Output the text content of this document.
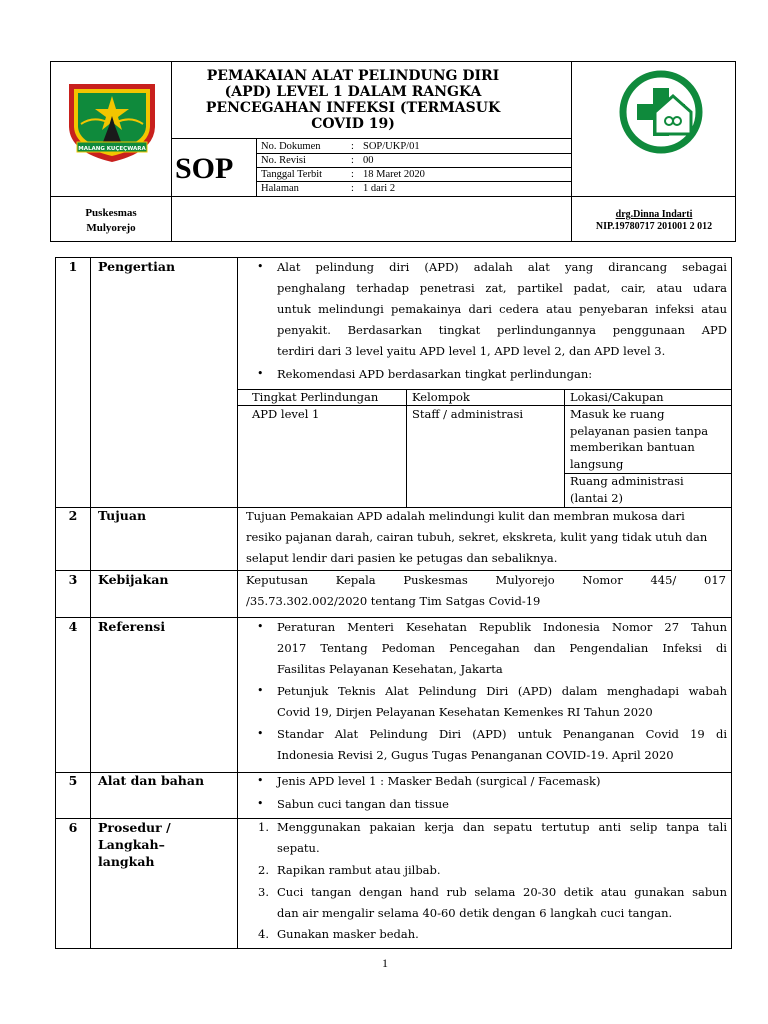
MALANG KUÇEÇWARA
PEMAKAIAN ALAT PELINDUNG DIRI
(APD) LEVEL 1 DALAM RANGKA
PENCEGAHAN INFEKSI (TERMASUK
COVID 19)
SOP
No. Dokumen	: SOP/UKP/01
No. Revisi	: 00
Tanggal Terbit	: 18 Maret 2020
Halaman	: 1 dari 2
Puskesmas
Mulyorejo
drg.Dinna Indarti
NIP.19780717 201001 2 012
1	Pengertian	• Alat pelindung diri (APD) adalah alat yang dirancang sebagai
penghalang terhadap penetrasi zat, partikel padat, cair, atau udara
untuk melindungi pemakainya dari cedera atau penyebaran infeksi atau
penyakit. Berdasarkan tingkat perlindungannya penggunaan APD
terdiri dari 3 level yaitu APD level 1, APD level 2, dan APD level 3.
• Rekomendasi APD berdasarkan tingkat perlindungan:
Tingkat Perlindungan	Kelompok	Lokasi/Cakupan
APD level 1	Staff / administrasi	Masuk ke ruang
pelayanan pasien tanpa
memberikan bantuan
langsung
Ruang administrasi
(lantai 2)
2	Tujuan	Tujuan Pemakaian APD adalah melindungi kulit dan membran mukosa dari
resiko pajanan darah, cairan tubuh, sekret, ekskreta, kulit yang tidak utuh dan
selaput lendir dari pasien ke petugas dan sebaliknya.
3	Kebijakan	Keputusan Kepala Puskesmas Mulyorejo Nomor 445/ 017
/35.73.302.002/2020 tentang Tim Satgas Covid-19
4	Referensi	• Peraturan Menteri Kesehatan Republik Indonesia Nomor 27 Tahun
2017 Tentang Pedoman Pencegahan dan Pengendalian Infeksi di
Fasilitas Pelayanan Kesehatan, Jakarta
• Petunjuk Teknis Alat Pelindung Diri (APD) dalam menghadapi wabah
Covid 19, Dirjen Pelayanan Kesehatan Kemenkes RI Tahun 2020
• Standar Alat Pelindung Diri (APD) untuk Penanganan Covid 19 di
Indonesia Revisi 2, Gugus Tugas Penanganan COVID-19. April 2020
5	Alat dan bahan	• Jenis APD level 1 : Masker Bedah (surgical / Facemask)
• Sabun cuci tangan dan tissue
6	Prosedur /
Langkah–
langkah
1. Menggunakan pakaian kerja dan sepatu tertutup anti selip tanpa tali
sepatu.
2. Rapikan rambut atau jilbab.
3. Cuci tangan dengan hand rub selama 20-30 detik atau gunakan sabun
dan air mengalir selama 40-60 detik dengan 6 langkah cuci tangan.
4. Gunakan masker bedah.
1
